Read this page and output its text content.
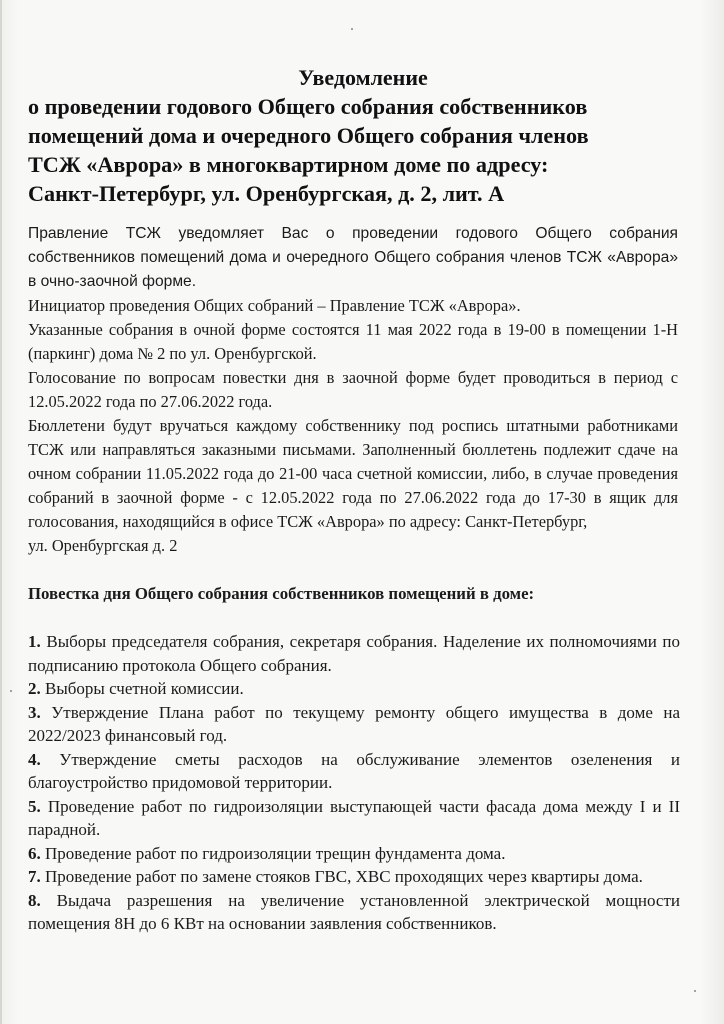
Уведомление

о проведении годового Общего собрания собственников

помещений дома и очередного Общего собрания членов

ТСЖ «Аврора» в многоквартирном доме по адресу:

Санкт-Петербург, ул. Оренбургская, д. 2, лит. А

Правление ТСЖ уведомляет Вас о проведении годового Общего собрания собственников помещений дома и очередного Общего собрания членов ТСЖ «Аврора» в очно-заочной форме.

Инициатор проведения Общих собраний – Правление ТСЖ «Аврора».

Указанные собрания в очной форме состоятся 11 мая 2022 года в 19-00 в помещении 1-Н (паркинг) дома № 2 по ул. Оренбургской.

Голосование по вопросам повестки дня в заочной форме будет проводиться в период с 12.05.2022 года по 27.06.2022 года.

Бюллетени будут вручаться каждому собственнику под роспись штатными работниками ТСЖ или направляться заказными письмами. Заполненный бюллетень подлежит сдаче на очном собрании 11.05.2022 года до 21-00 часа счетной комиссии, либо, в случае проведения собраний в заочной форме - с 12.05.2022 года по 27.06.2022 года до 17-30 в ящик для голосования, находящийся в офисе ТСЖ «Аврора» по адресу: Санкт-Петербург,

ул. Оренбургская д. 2

Повестка дня Общего собрания собственников помещений в доме:

1. Выборы председателя собрания, секретаря собрания. Наделение их полномочиями по подписанию протокола Общего собрания.
2. Выборы счетной комиссии.
3. Утверждение Плана работ по текущему ремонту общего имущества в доме на 2022/2023 финансовый год.
4. Утверждение сметы расходов на обслуживание элементов озеленения и благоустройство придомовой территории.
5. Проведение работ по гидроизоляции выступающей части фасада дома между I и II парадной.
6. Проведение работ по гидроизоляции трещин фундамента дома.
7. Проведение работ по замене стояков ГВС, ХВС проходящих через квартиры дома.
8. Выдача разрешения на увеличение установленной электрической мощности помещения 8Н до 6 КВт на основании заявления собственников.
